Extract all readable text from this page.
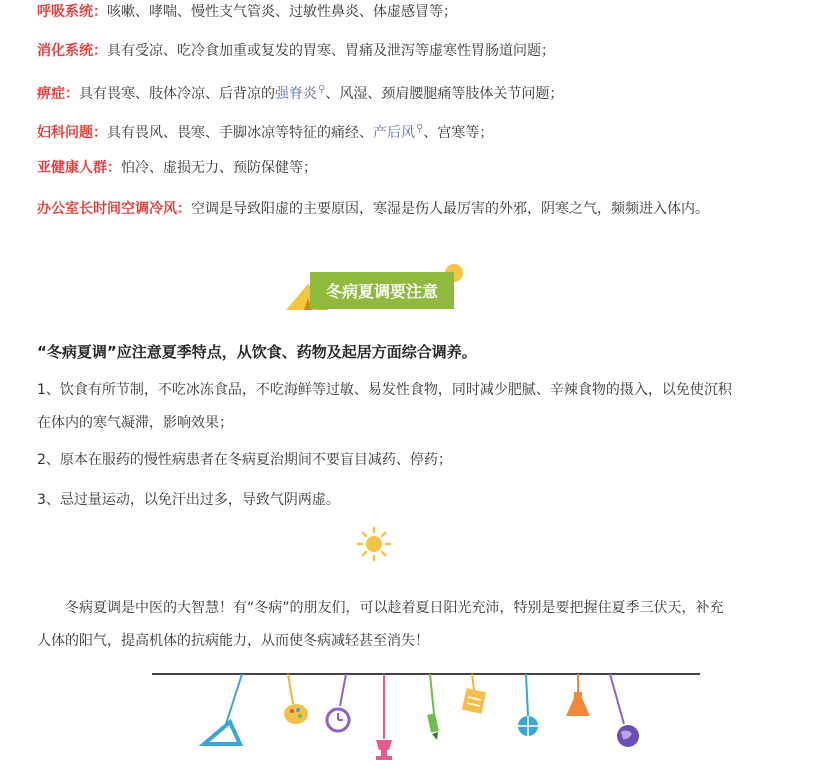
呼吸系统：咳嗽、哮喘、慢性支气管炎、过敏性鼻炎、体虚感冒等；
消化系统：具有受凉、吃冷食加重或复发的胃寒、胃痛及泄泻等虚寒性胃肠道问题；
痹症：具有畏寒、肢体冷凉、后背凉的强脊炎⚲、风湿、颈肩腰腿痛等肢体关节问题；
妇科问题：具有畏风、畏寒、手脚冰凉等特征的痛经、产后风⚲、宫寒等；
亚健康人群：怕冷、虚损无力、预防保健等；
办公室长时间空调冷风：空调是导致阳虚的主要原因，寒湿是伤人最厉害的外邪，阴寒之气，频频进入体内。
冬病夏调要注意
“冬病夏调”应注意夏季特点，从饮食、药物及起居方面综合调养。
1、饮食有所节制，不吃冰冻食品，不吃海鲜等过敏、易发性食物，同时减少肥腻、辛辣食物的摄入，以免使沉积在体内的寒气凝滞，影响效果；
2、原本在服药的慢性病患者在冬病夏治期间不要盲目减药、停药；
3、忌过量运动，以免汗出过多，导致气阴两虚。
冬病夏调是中医的大智慧！有“冬病”的朋友们，可以趁着夏日阳光充沛，特别是要把握住夏季三伏天，补充人体的阳气，提高机体的抗病能力，从而使冬病减轻甚至消失！
